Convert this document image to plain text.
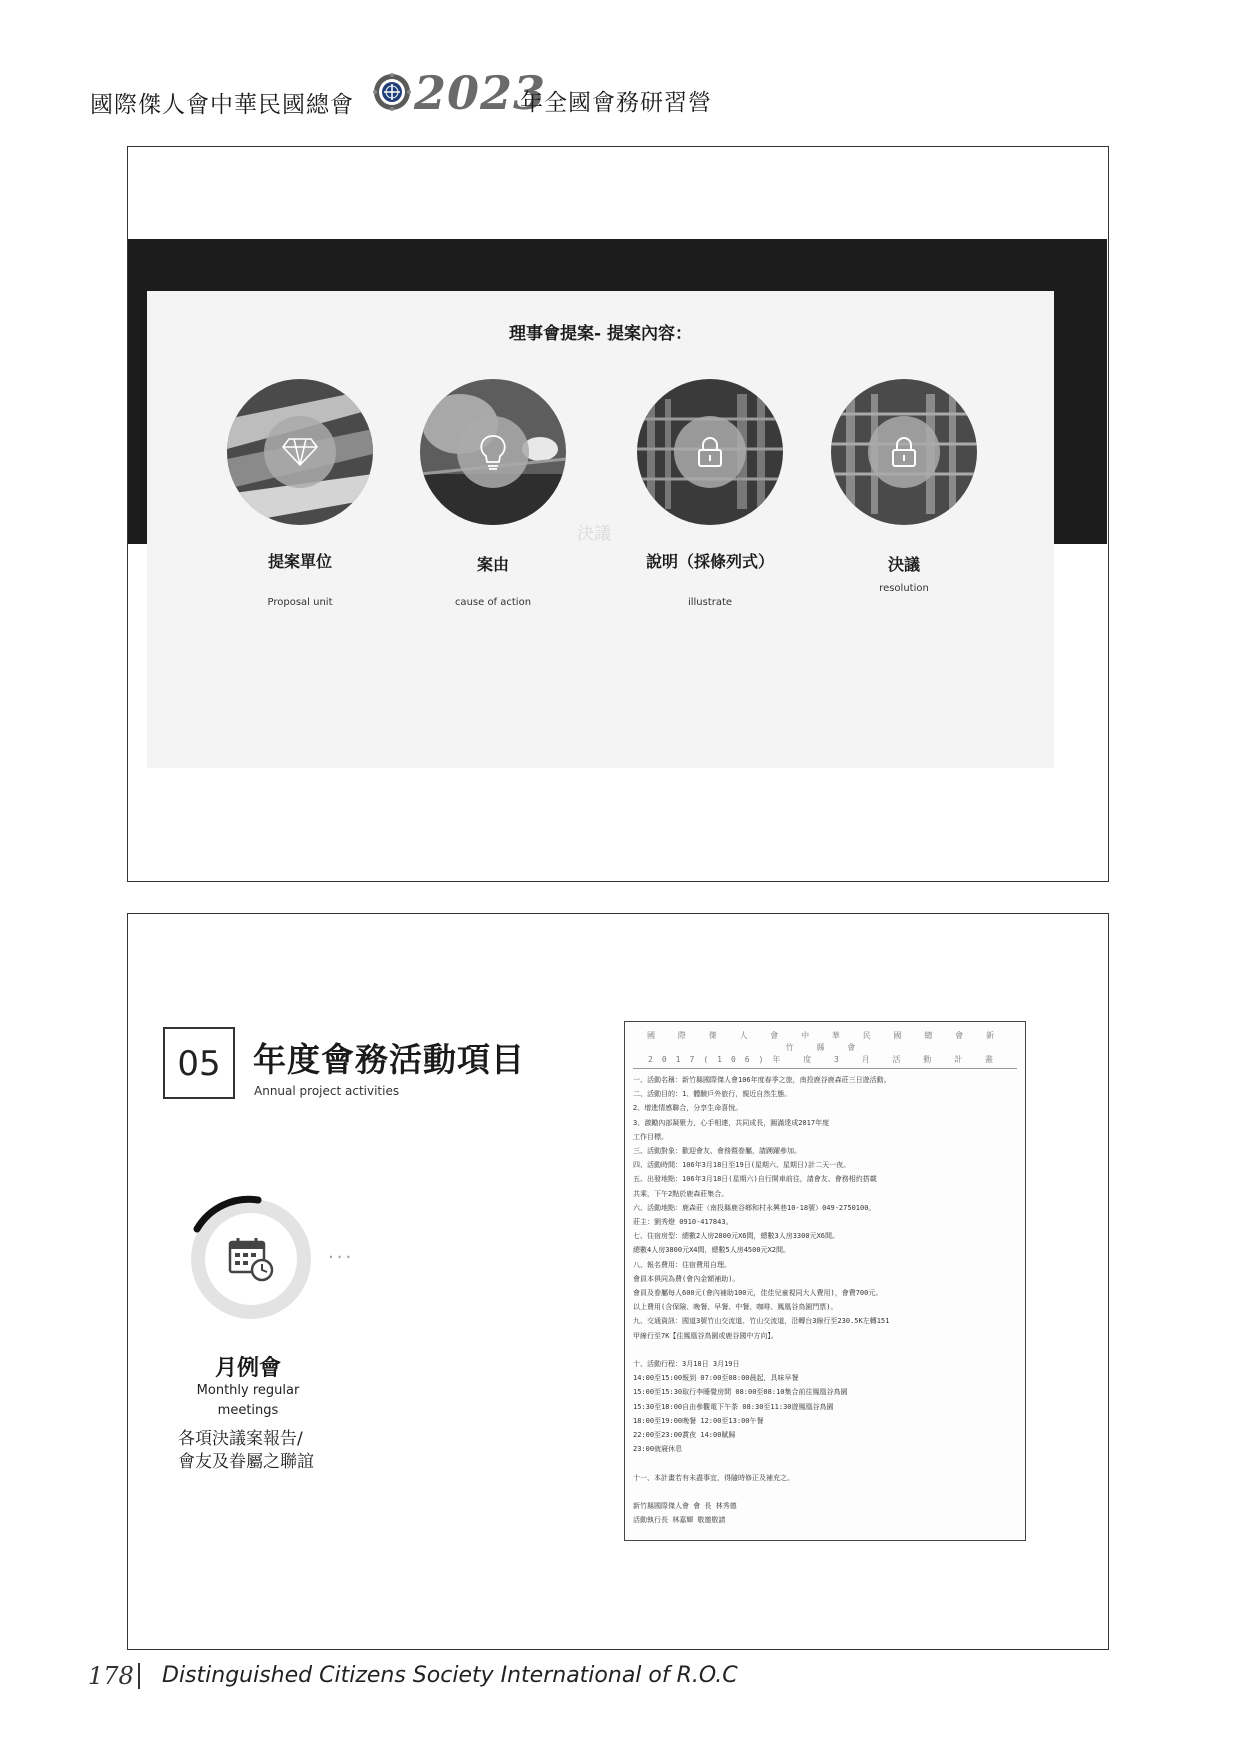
國際傑人會中華民國總會 2023
年全國會務研習營
理事會提案- 提案內容：
決議
提案單位
Proposal unit
案由
cause of action
說明（採條列式）
illustrate
決議
resolution
05 年度會務活動項目
Annual project activities
...
月例會
Monthly regular
meetings
各項決議案報告/
會友及眷屬之聯誼
國 際 傑 人 會 中 華 民 國 總 會 新 竹 縣 會
2017(106)年 度 3 月 活 動 計 畫
一、活動名稱：新竹縣國際傑人會106年度春季之旅，南投鹿谷鹿森莊三日遊活動。
二、活動目的：1、體驗戶外旅行，親近自然生態。
2、增進情感聯合，分享生命喜悅。
3、激勵內部凝聚力，心手相連，共同成長，圓滿達成2017年度
工作目標。
三、活動對象：歡迎會友、會務暨眷屬，請踴躍參加。
四、活動時間：106年3月18日至19日(星期六、星期日)計二天一夜。
五、出發地點：106年3月18日(星期六)自行開車前往，請會友、會務相約搭載
共乘，下午2點於鹿森莊集合。
六、活動地點：鹿森莊（南投縣鹿谷鄉和村永興巷10-18號）049-2750100。
莊主：劉秀燈 0910-417843。
七、住宿房型：總數2人房2800元X6間，總數3人房3300元X6間。
總數4人房3800元X4間，總數5人房4500元X2間。
八、報名費用：住宿費用自理。
會員本俱同為費(會內金額補助)。
會員及眷屬每人600元(會內補助100元，佳佳兒童視同大人費用)，會費700元。
以上費用(含保險、晚餐、早餐、中餐、咖啡、鳳凰谷鳥園門票)。
九、交通資訊：國道3號竹山交流道、竹山交流道，沿轉台3線行至230.5K左轉151
甲線行至7K【往鳳凰谷鳥園或鹿谷國中方向】。

十、活動行程：3月18日 3月19日
14:00至15:00報到 07:00至08:00晨起，具味早餐
15:00至15:30取行李睡覺房間 08:00至08:10集合前往鳳凰谷鳥園
15:30至18:00自由參觀電下午茶 08:30至11:30遊鳳凰谷鳥園
18:00至19:00晚餐 12:00至13:00午餐
22:00至23:00賞夜 14:00賦歸
23:00就寢休息

十一、本計畫若有未盡事宜，得隨時修正及補充之。

新竹縣國際傑人會 會 長 林秀德
活動執行長 林嘉輝 敬邀敬請
178 Distinguished Citizens Society International of R.O.C
